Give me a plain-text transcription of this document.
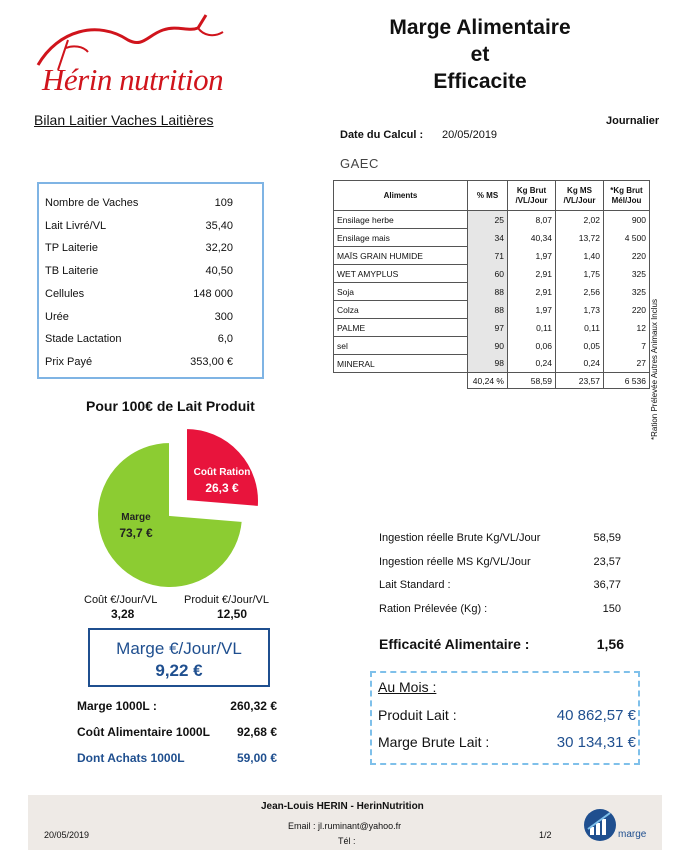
Hérin nutrition
Marge Alimentaire
et
Efficacite
Bilan Laitier Vaches Laitières	Journalier
Date du Calcul : 20/05/2019
GAEC
Nombre de Vaches	109
Lait Livré/VL	35,40
TP Laiterie	32,20
TB Laiterie	40,50
Cellules	148 000
Urée	300
Stade Lactation	6,0
Prix Payé	353,00 €
Aliments	% MS	Kg Brut /VL/Jour	Kg MS /VL/Jour	*Kg Brut Mél/Jou
Ensilage herbe	25	8,07	2,02	900
Ensilage mais	34	40,34	13,72	4 500
MAÏS GRAIN HUMIDE	71	1,97	1,40	220
WET AMYPLUS	60	2,91	1,75	325
Soja	88	2,91	2,56	325
Colza	88	1,97	1,73	220
PALME	97	0,11	0,11	12
sel	90	0,06	0,05	7
MINERAL	98	0,24	0,24	27
	40,24 %	58,59	23,57	6 536 *Ration Prélevée Autres Animaux Inclus
Pour 100€ de Lait Produit
Marge
73,7 €
Coût Ration
26,3 €
Coût €/Jour/VL
3,28
Produit €/Jour/VL
12,50
Marge €/Jour/VL
9,22 €
Marge 1000L :	260,32 €
Coût Alimentaire 1000L 92,68 €
Dont Achats 1000L	59,00 €
Ingestion réelle Brute Kg/VL/Jour	58,59
Ingestion réelle MS Kg/VL/Jour	23,57
Lait Standard :	36,77
Ration Prélevée (Kg) :	150
Efficacité Alimentaire :	1,56
Au Mois :
Produit Lait :	40 862,57 €
Marge Brute Lait :	30 134,31 €
Jean-Louis HERIN - HerinNutrition
Email : jl.ruminant@yahoo.fr
Tél :
20/05/2019	1/2	marge
